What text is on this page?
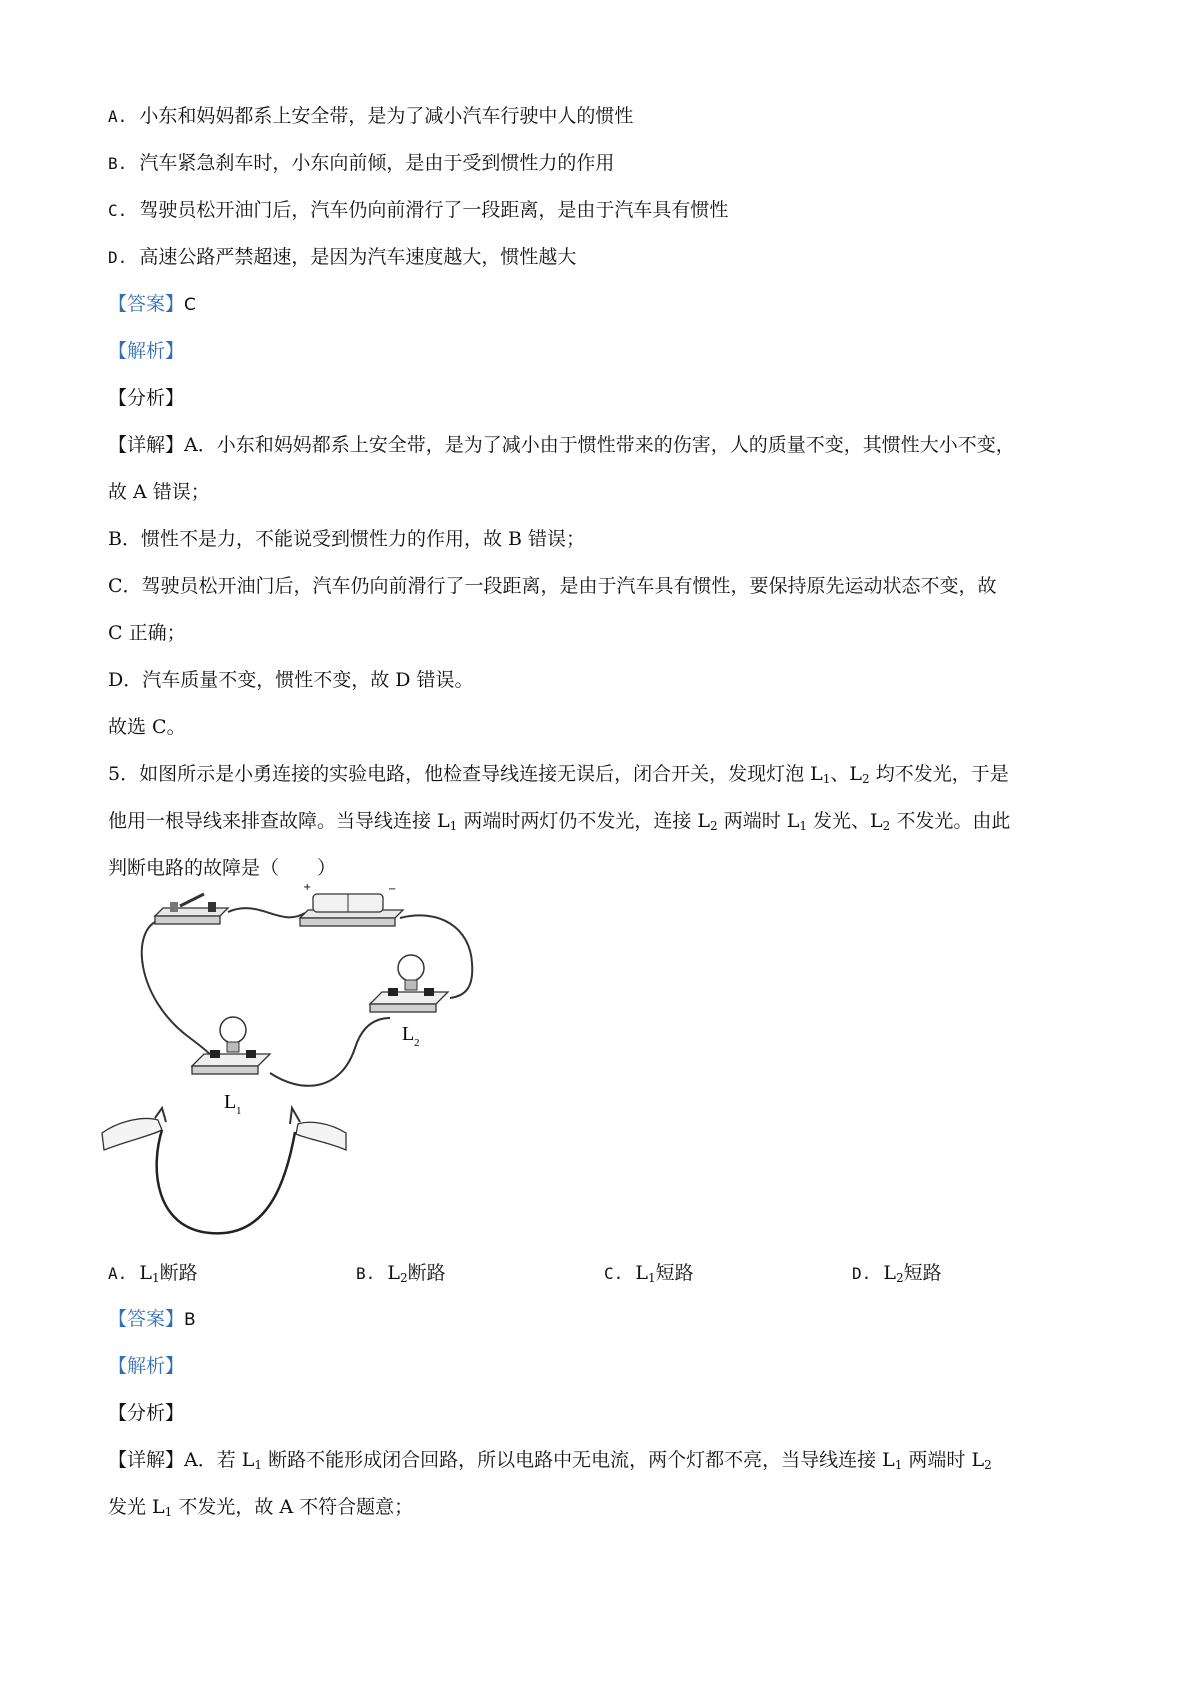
A. 小东和妈妈都系上安全带，是为了减小汽车行驶中人的惯性
B. 汽车紧急刹车时，小东向前倾，是由于受到惯性力的作用
C. 驾驶员松开油门后，汽车仍向前滑行了一段距离，是由于汽车具有惯性
D. 高速公路严禁超速，是因为汽车速度越大，惯性越大
【答案】C
【解析】
【分析】
【详解】A．小东和妈妈都系上安全带，是为了减小由于惯性带来的伤害，人的质量不变，其惯性大小不变，
故 A 错误；
B．惯性不是力，不能说受到惯性力的作用，故 B 错误；
C．驾驶员松开油门后，汽车仍向前滑行了一段距离，是由于汽车具有惯性，要保持原先运动状态不变，故
C 正确；
D．汽车质量不变，惯性不变，故 D 错误。
故选 C。
5．如图所示是小勇连接的实验电路，他检查导线连接无误后，闭合开关，发现灯泡 $L_1$、$L_2$ 均不发光，于是
他用一根导线来排查故障。当导线连接 $L_1$ 两端时两灯仍不发光，连接 $L_2$ 两端时 $L_1$ 发光、$L_2$ 不发光。由此
判断电路的故障是（　　）
+	−
L 1
L 2
A. $L_1$断路	B. $L_2$断路	C. $L_1$短路	D. $L_2$短路
【答案】B
【解析】
【分析】
【详解】A．若 $L_1$ 断路不能形成闭合回路，所以电路中无电流，两个灯都不亮，当导线连接 $L_1$ 两端时 $L_2$
发光 $L_1$ 不发光，故 A 不符合题意；
